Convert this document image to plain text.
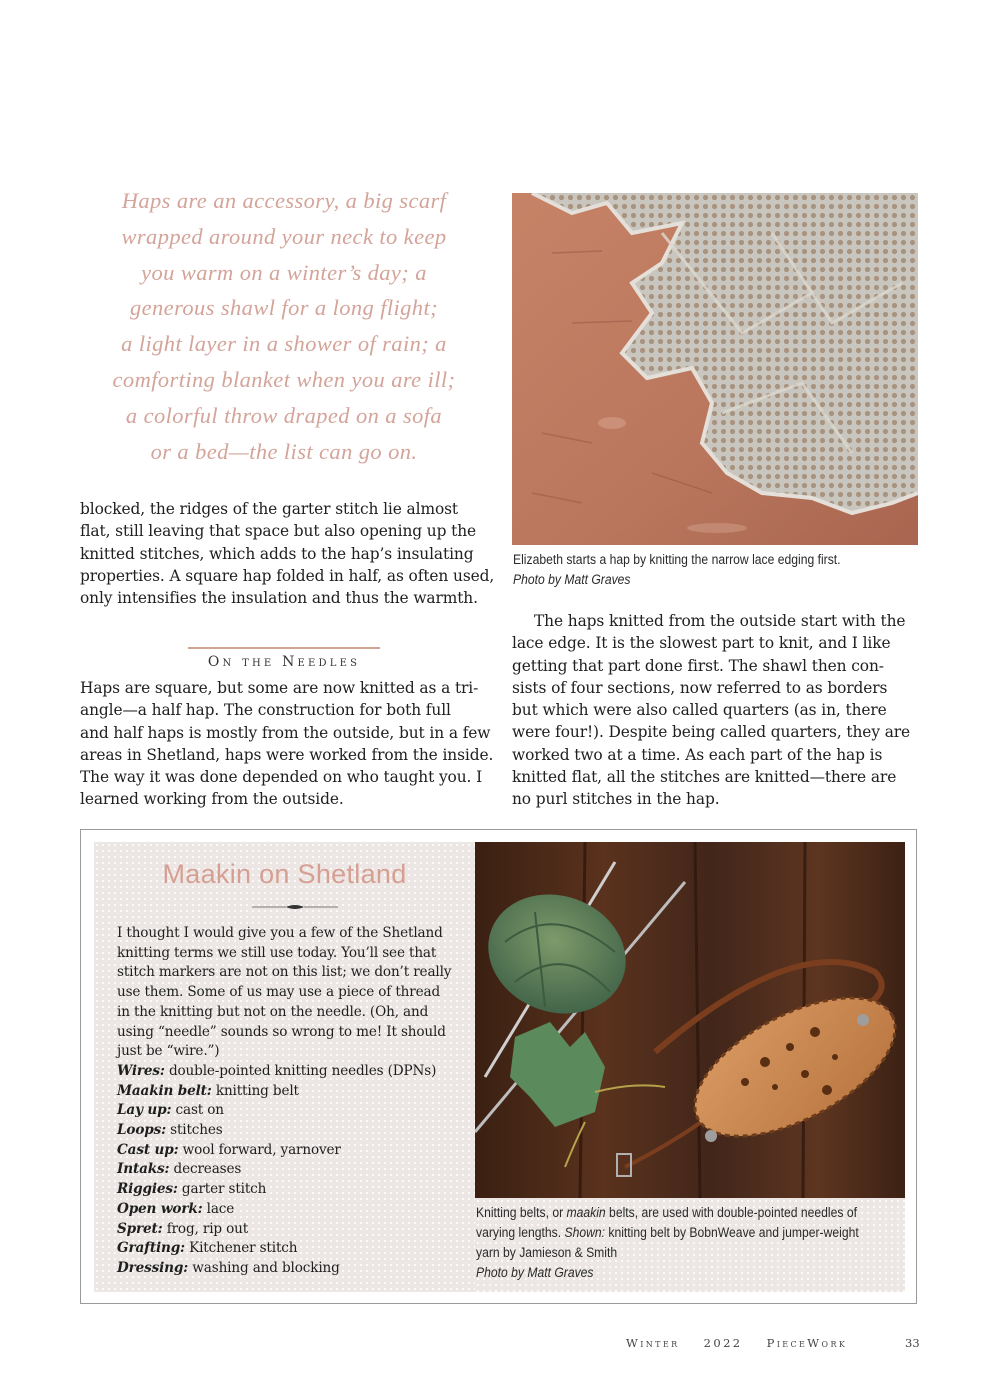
Haps are an accessory, a big scarf
wrapped around your neck to keep
you warm on a winter’s day; a
generous shawl for a long flight;
a light layer in a shower of rain; a
comforting blanket when you are ill;
a colorful throw draped on a sofa
or a bed—the list can go on.
blocked, the ridges of the garter stitch lie almost
flat, still leaving that space but also opening up the
knitted stitches, which adds to the hap’s insulating
properties. A square hap folded in half, as often used,
only intensifies the insulation and thus the warmth.
On the Needles
Haps are square, but some are now knitted as a tri-
angle—a half hap. The construction for both full
and half haps is mostly from the outside, but in a few
areas in Shetland, haps were worked from the inside.
The way it was done depended on who taught you. I
learned working from the outside.
Elizabeth starts a hap by knitting the narrow lace edging first.
Photo by Matt Graves
The haps knitted from the outside start with the
lace edge. It is the slowest part to knit, and I like
getting that part done first. The shawl then con-
sists of four sections, now referred to as borders
but which were also called quarters (as in, there
were four!). Despite being called quarters, they are
worked two at a time. As each part of the hap is
knitted flat, all the stitches are knitted—there are
no purl stitches in the hap.
Maakin on Shetland
I thought I would give you a few of the Shetland
knitting terms we still use today. You’ll see that
stitch markers are not on this list; we don’t really
use them. Some of us may use a piece of thread
in the knitting but not on the needle. (Oh, and
using “needle” sounds so wrong to me! It should
just be “wire.”)
Wires: double-pointed knitting needles (DPNs)
Maakin belt: knitting belt
Lay up: cast on
Loops: stitches
Cast up: wool forward, yarnover
Intaks: decreases
Riggies: garter stitch
Open work: lace
Spret: frog, rip out
Grafting: Kitchener stitch
Dressing: washing and blocking
Knitting belts, or maakin belts, are used with double-pointed needles of
varying lengths. Shown: knitting belt by BobnWeave and jumper-weight
yarn by Jamieson & Smith
Photo by Matt Graves
Winter 2022 PieceWork	33
